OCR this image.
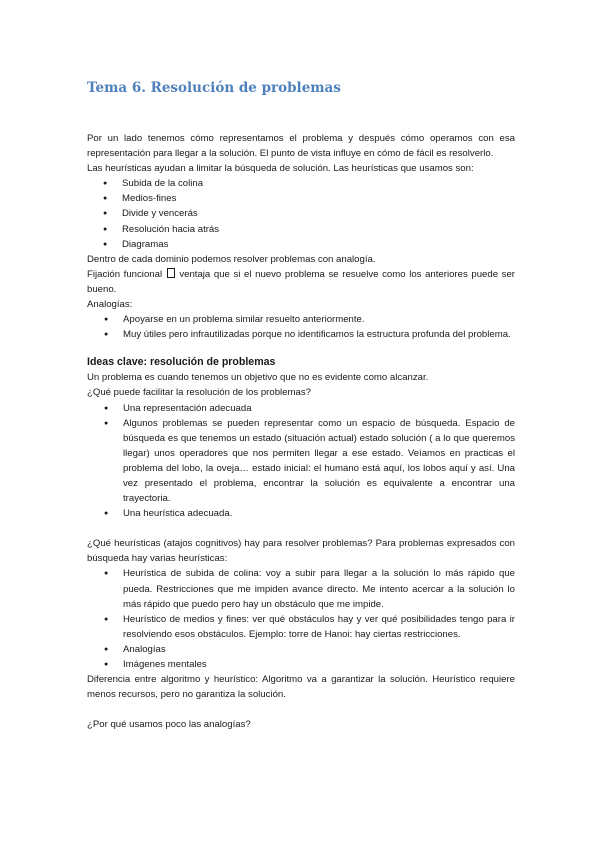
Tema 6. Resolución de problemas

Por un lado tenemos cómo representamos el problema y después cómo operamos con esa representación para llegar a la solución. El punto de vista influye en cómo de fácil es resolverlo.

Las heurísticas ayudan a limitar la búsqueda de solución. Las heurísticas que usamos son:

● Subida de la colina
● Medios-fines
● Divide y vencerás
● Resolución hacia atrás
● Diagramas

Dentro de cada dominio podemos resolver problemas con analogía.

Fijación funcional ventaja que si el nuevo problema se resuelve como los anteriores puede ser bueno.

Analogías:

● Apoyarse en un problema similar resuelto anteriormente.
● Muy útiles pero infrautilizadas porque no identificamos la estructura profunda del problema.
Ideas clave: resolución de problemas

Un problema es cuando tenemos un objetivo que no es evidente como alcanzar.

¿Qué puede facilitar la resolución de los problemas?

● Una representación adecuada
● Algunos problemas se pueden representar como un espacio de búsqueda. Espacio de búsqueda es que tenemos un estado (situación actual) estado solución ( a lo que queremos llegar) unos operadores que nos permiten llegar a ese estado. Veíamos en practicas el problema del lobo, la oveja… estado inicial: el humano está aquí, los lobos aquí y así. Una vez presentado el problema, encontrar la solución es equivalente a encontrar una trayectoria.
● Una heurística adecuada.

¿Qué heurísticas (atajos cognitivos) hay para resolver problemas? Para problemas expresados con búsqueda hay varias heurísticas:

● Heurística de subida de colina: voy a subir para llegar a la solución lo más rápido que pueda. Restricciones que me impiden avance directo. Me intento acercar a la solución lo más rápido que puedo pero hay un obstáculo que me impide.
● Heurístico de medios y fines: ver qué obstáculos hay y ver qué posibilidades tengo para ir resolviendo esos obstáculos. Ejemplo: torre de Hanoi: hay ciertas restricciones.
● Analogías
● Imágenes mentales

Diferencia entre algoritmo y heurístico: Algoritmo va a garantizar la solución. Heurístico requiere menos recursos, pero no garantiza la solución.

¿Por qué usamos poco las analogías?
